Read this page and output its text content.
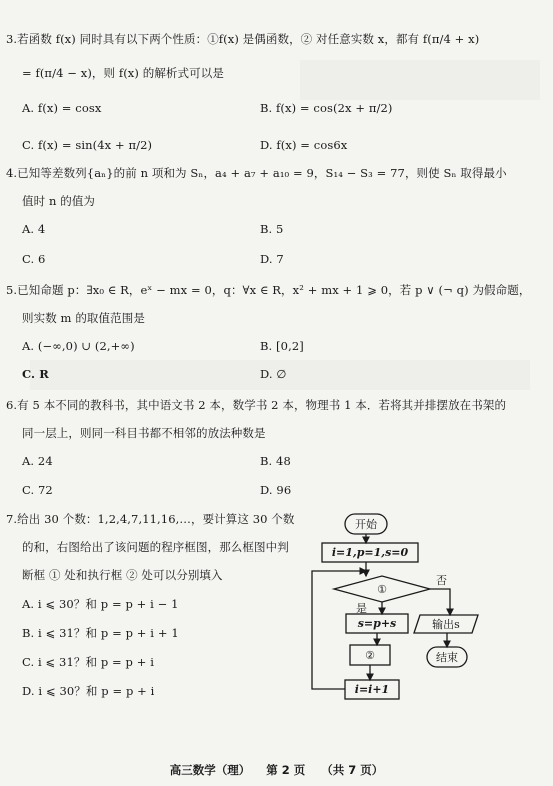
3.若函数 f(x) 同时具有以下两个性质：①f(x) 是偶函数，② 对任意实数 x，都有 f(π/4 + x)
= f(π/4 − x)，则 f(x) 的解析式可以是
A. f(x) = cosx	B. f(x) = cos(2x + π/2)
C. f(x) = sin(4x + π/2)	D. f(x) = cos6x
4.已知等差数列{aₙ}的前 n 项和为 Sₙ，a₄ + a₇ + a₁₀ = 9，S₁₄ − S₃ = 77，则使 Sₙ 取得最小
值时 n 的值为
A. 4	B. 5
C. 6	D. 7
5.已知命题 p：∃x₀ ∈ R，eˣ − mx = 0，q：∀x ∈ R，x² + mx + 1 ⩾ 0，若 p ∨ (¬ q) 为假命题，
则实数 m 的取值范围是
A. (−∞,0) ∪ (2,+∞)	B. [0,2]
C. R	D. ∅
6.有 5 本不同的教科书，其中语文书 2 本，数学书 2 本，物理书 1 本．若将其并排摆放在书架的
同一层上，则同一科目书都不相邻的放法种数是
A. 24	B. 48
C. 72	D. 96
7.给出 30 个数：1,2,4,7,11,16,…，要计算这 30 个数
的和，右图给出了该问题的程序框图，那么框图中判
断框 ① 处和执行框 ② 处可以分别填入
A. i ⩽ 30？和 p = p + i − 1
B. i ⩽ 31？和 p = p + i + 1
C. i ⩽ 31？和 p = p + i
D. i ⩽ 30？和 p = p + i
开始
i=1,p=1,s=0
①
是
否
s=p+s
②
i=i+1
输出s
结束
高三数学（理） 第 2 页 （共 7 页）
